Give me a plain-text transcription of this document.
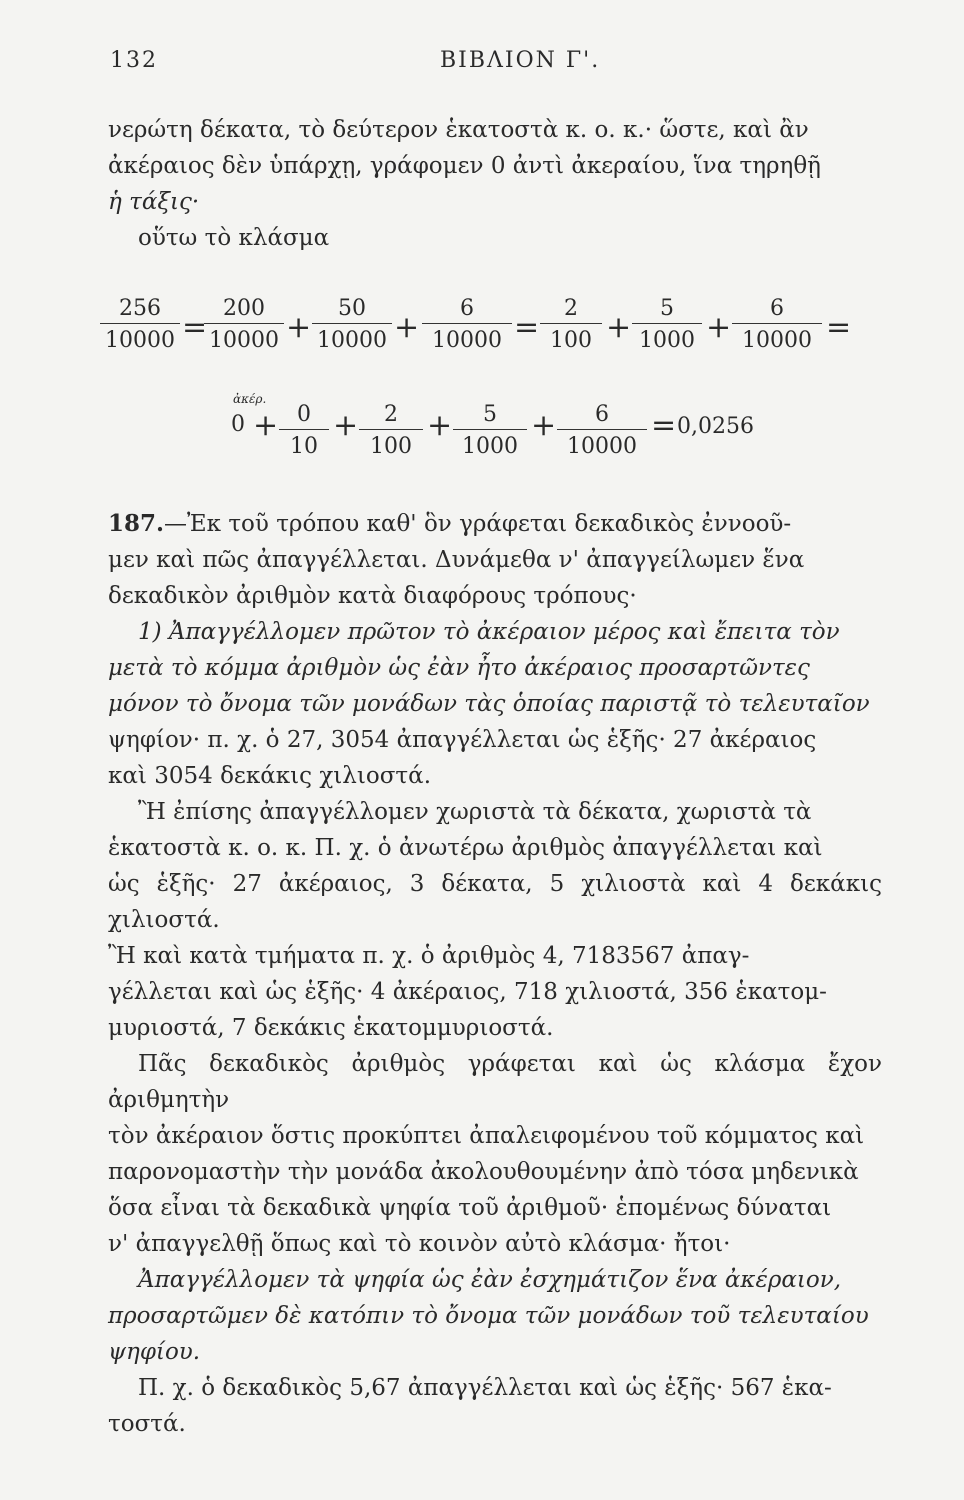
132	ΒΙΒΛΙΟΝ Γ'.

νερώτη δέκατα, τὸ δεύτερον ἑκατοστὰ κ. ο. κ.· ὥστε, καὶ ἂν

ἀκέραιος δὲν ὑπάρχῃ, γράφομεν 0 ἀντὶ ἀκεραίου, ἵνα τηρηθῇ

ἡ τάξις·

οὕτω τὸ κλάσμα

$\frac{256}{10000}$ =
$\frac{200}{10000} + \frac{50}{10000} + \frac{6}{10000} = \frac{2}{100} + \frac{5}{1000} + \frac{6}{10000}$ =
ἀκέρ.
$0 + \frac{0}{10} + \frac{2}{100} + \frac{5}{1000} + \frac{6}{10000} = 0,0256$

187.—Ἐκ τοῦ τρόπου καθ' ὃν γράφεται δεκαδικὸς ἐννοοῦ-

μεν καὶ πῶς ἀπαγγέλλεται. Δυνάμεθα ν' ἀπαγγείλωμεν ἕνα

δεκαδικὸν ἀριθμὸν κατὰ διαφόρους τρόπους·

1) Ἀπαγγέλλομεν πρῶτον τὸ ἀκέραιον μέρος καὶ ἔπειτα τὸν

μετὰ τὸ κόμμα ἀριθμὸν ὡς ἐὰν ἦτο ἀκέραιος προσαρτῶντες

μόνον τὸ ὄνομα τῶν μονάδων τὰς ὁποίας παριστᾷ τὸ τελευταῖον

ψηφίον· π. χ. ὁ 27, 3054 ἀπαγγέλλεται ὡς ἑξῆς· 27 ἀκέραιος

καὶ 3054 δεκάκις χιλιοστά.

Ἢ ἐπίσης ἀπαγγέλλομεν χωριστὰ τὰ δέκατα, χωριστὰ τὰ

ἑκατοστὰ κ. ο. κ. Π. χ. ὁ ἀνωτέρω ἀριθμὸς ἀπαγγέλλεται καὶ

ὡς ἑξῆς· 27 ἀκέραιος, 3 δέκατα, 5 χιλιοστὰ καὶ 4 δεκάκις χιλιοστά.

Ἢ καὶ κατὰ τμήματα π. χ. ὁ ἀριθμὸς 4, 7183567 ἀπαγ-

γέλλεται καὶ ὡς ἑξῆς· 4 ἀκέραιος, 718 χιλιοστά, 356 ἑκατομ-

μυριοστά, 7 δεκάκις ἑκατομμυριοστά.

Πᾶς δεκαδικὸς ἀριθμὸς γράφεται καὶ ὡς κλάσμα ἔχον ἀριθμητὴν

τὸν ἀκέραιον ὅστις προκύπτει ἀπαλειφομένου τοῦ κόμματος καὶ

παρονομαστὴν τὴν μονάδα ἀκολουθουμένην ἀπὸ τόσα μηδενικὰ

ὅσα εἶναι τὰ δεκαδικὰ ψηφία τοῦ ἀριθμοῦ· ἑπομένως δύναται

ν' ἀπαγγελθῇ ὅπως καὶ τὸ κοινὸν αὐτὸ κλάσμα· ἤτοι·

Ἀπαγγέλλομεν τὰ ψηφία ὡς ἐὰν ἐσχημάτιζον ἕνα ἀκέραιον,

προσαρτῶμεν δὲ κατόπιν τὸ ὄνομα τῶν μονάδων τοῦ τελευταίου

ψηφίου.

Π. χ. ὁ δεκαδικὸς 5,67 ἀπαγγέλλεται καὶ ὡς ἑξῆς· 567 ἑκα-

τοστά.
